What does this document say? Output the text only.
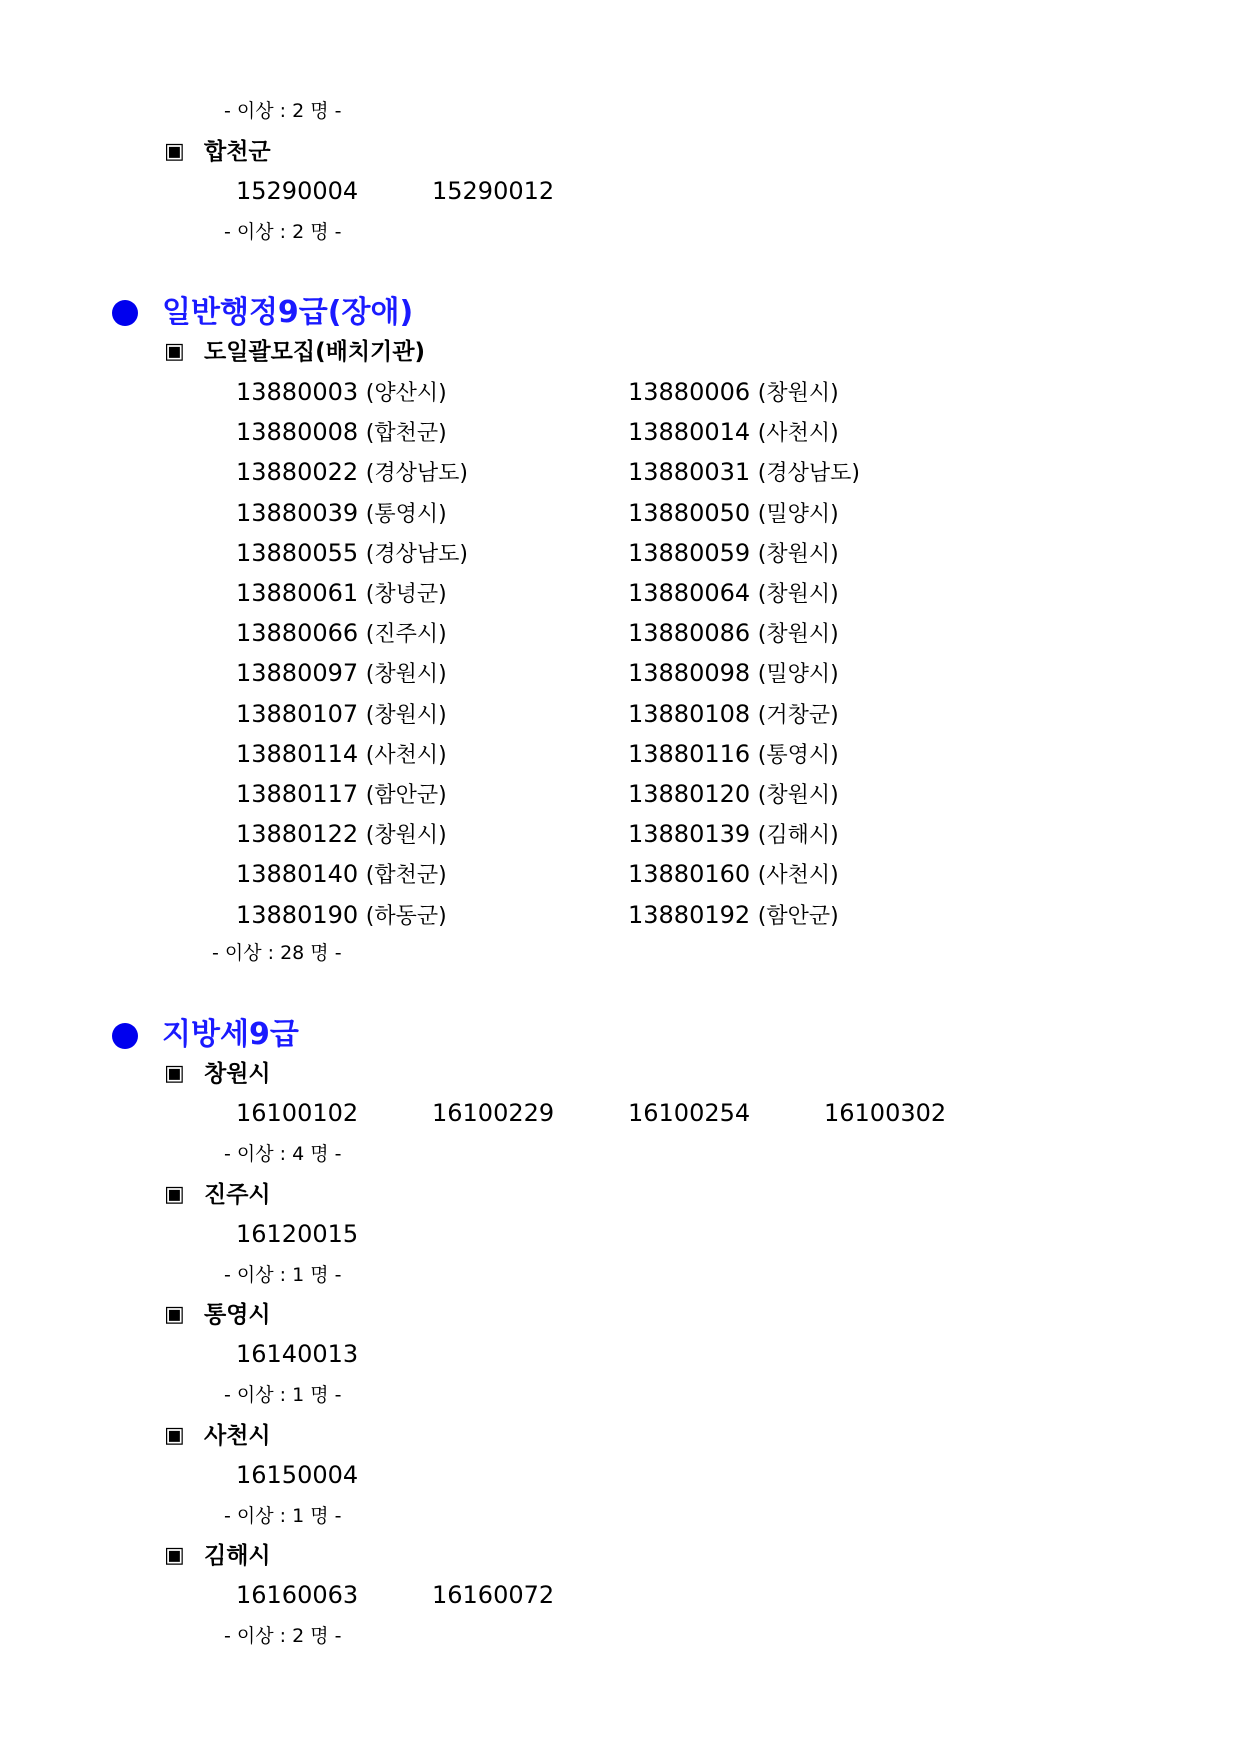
- 이상 : 2 명 -
▣ 합천군
15290004	15290012
- 이상 : 2 명 -
일반행정9급(장애)
▣ 도일괄모집(배치기관)
13880003 (양산시)	13880006 (창원시)
13880008 (합천군)	13880014 (사천시)
13880022 (경상남도)	13880031 (경상남도)
13880039 (통영시)	13880050 (밀양시)
13880055 (경상남도)	13880059 (창원시)
13880061 (창녕군)	13880064 (창원시)
13880066 (진주시)	13880086 (창원시)
13880097 (창원시)	13880098 (밀양시)
13880107 (창원시)	13880108 (거창군)
13880114 (사천시)	13880116 (통영시)
13880117 (함안군)	13880120 (창원시)
13880122 (창원시)	13880139 (김해시)
13880140 (합천군)	13880160 (사천시)
13880190 (하동군)	13880192 (함안군)
- 이상 : 28 명 -
지방세9급
▣ 창원시
16100102	16100229	16100254	16100302
- 이상 : 4 명 -
▣ 진주시
16120015
- 이상 : 1 명 -
▣ 통영시
16140013
- 이상 : 1 명 -
▣ 사천시
16150004
- 이상 : 1 명 -
▣ 김해시
16160063	16160072
- 이상 : 2 명 -
